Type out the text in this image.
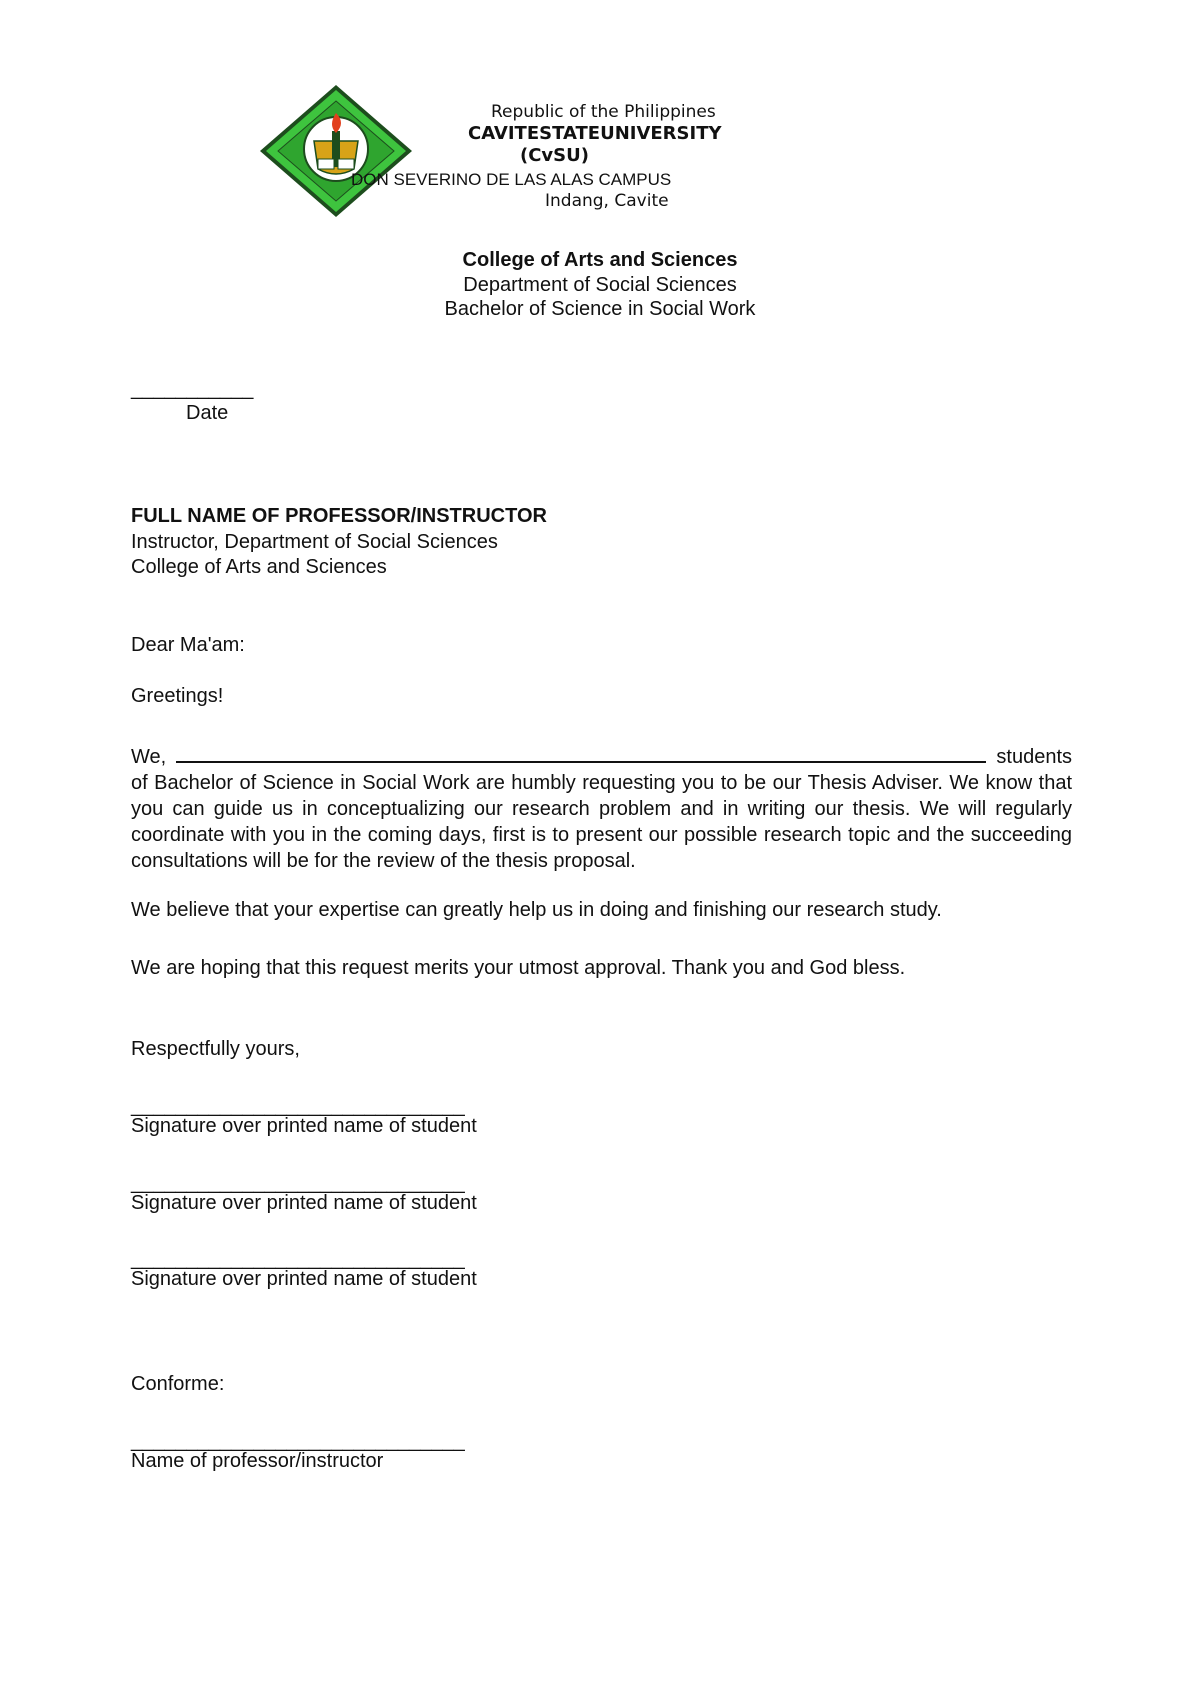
Republic of the Philippines
CAVITESTATEUNIVERSITY
(CvSU)
DON SEVERINO DE LAS ALAS CAMPUS
Indang, Cavite
College of Arts and Sciences
Department of Social Sciences
Bachelor of Science in Social Work
___________
Date
FULL NAME OF PROFESSOR/INSTRUCTOR
Instructor, Department of Social Sciences
College of Arts and Sciences
Dear Ma'am:
Greetings!
We,	students
of Bachelor of Science in Social Work are humbly requesting you to be our Thesis Adviser. We know that you can guide us in conceptualizing our research problem and in writing our thesis. We will regularly coordinate with you in the coming days, first is to present our possible research topic and the succeeding consultations will be for the review of the thesis proposal.
We believe that your expertise can greatly help us in doing and finishing our research study.
We are hoping that this request merits your utmost approval. Thank you and God bless.
Respectfully yours,
______________________________
Signature over printed name of student
______________________________
Signature over printed name of student
______________________________
Signature over printed name of student
Conforme:
______________________________
Name of professor/instructor
